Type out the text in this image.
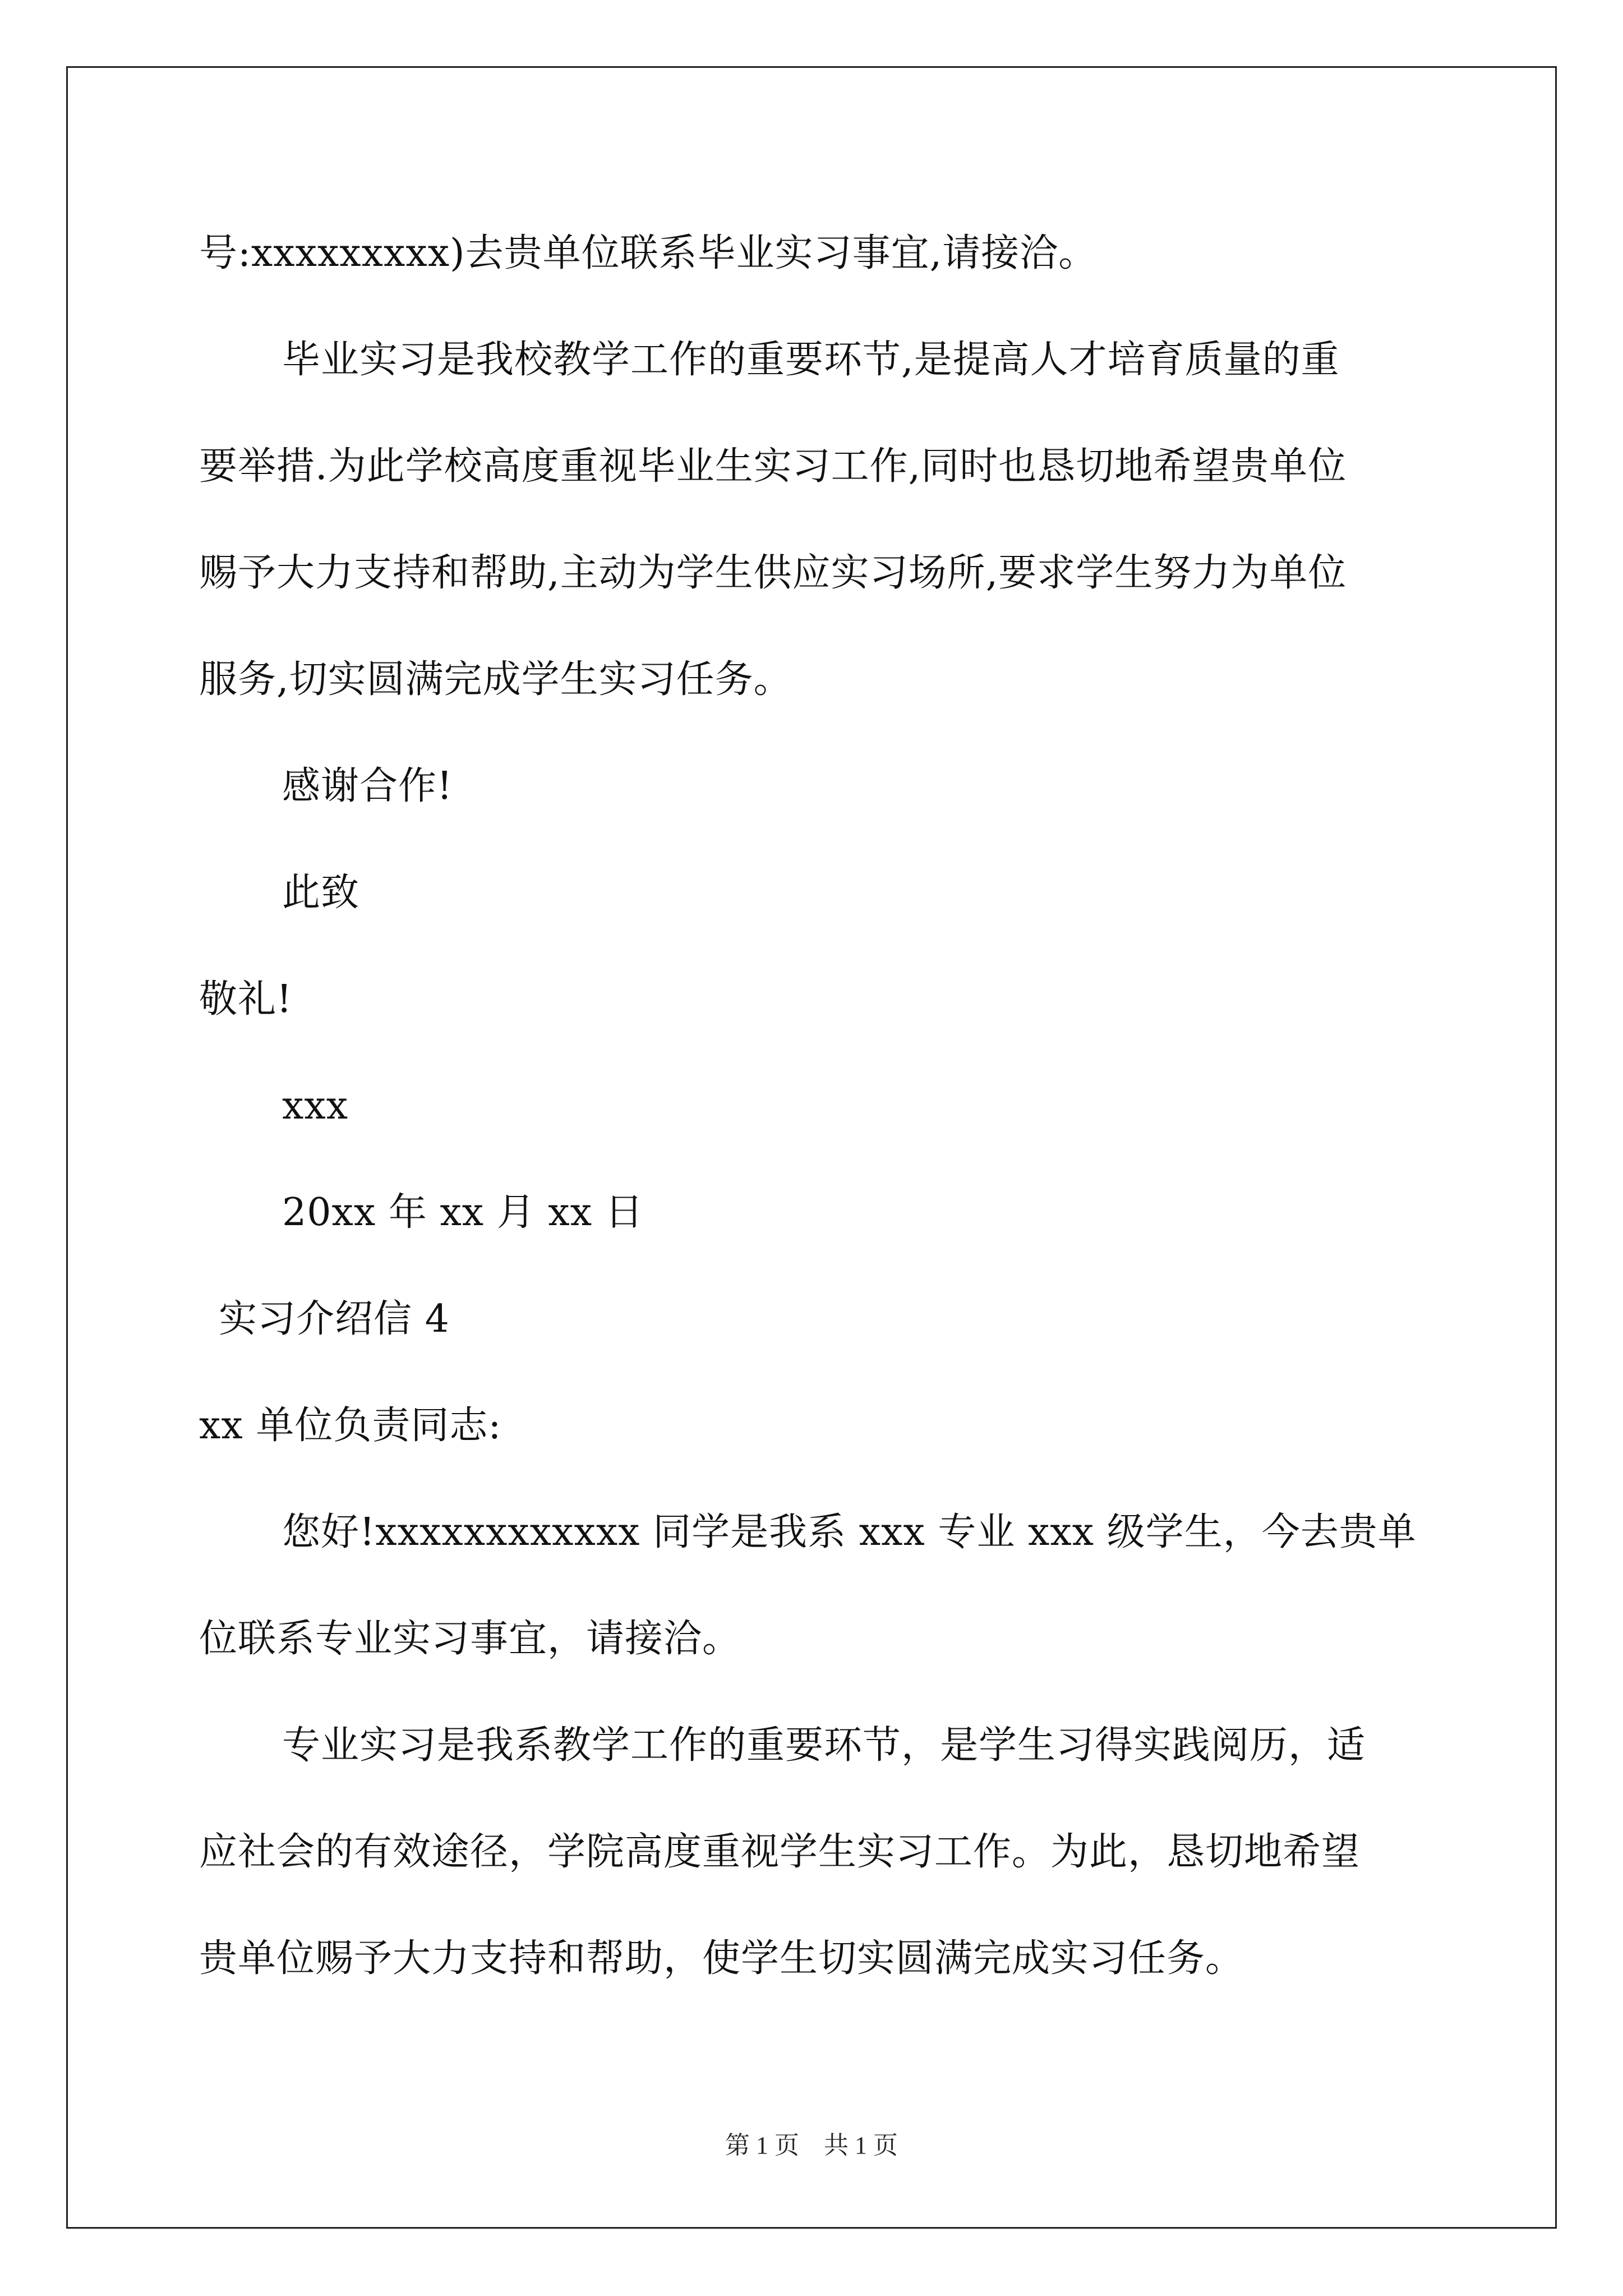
号:xxxxxxxxx)去贵单位联系毕业实习事宜,请接洽。
毕业实习是我校教学工作的重要环节,是提高人才培育质量的重
要举措.为此学校高度重视毕业生实习工作,同时也恳切地希望贵单位
赐予大力支持和帮助,主动为学生供应实习场所,要求学生努力为单位
服务,切实圆满完成学生实习任务。
感谢合作!
此致
敬礼!
xxx
20xx 年 xx 月 xx 日
实习介绍信 4
xx 单位负责同志:
您好!xxxxxxxxxxxx 同学是我系 xxx 专业 xxx 级学生，今去贵单
位联系专业实习事宜，请接洽。
专业实习是我系教学工作的重要环节，是学生习得实践阅历，适
应社会的有效途径，学院高度重视学生实习工作。为此，恳切地希望
贵单位赐予大力支持和帮助，使学生切实圆满完成实习任务。
第 1 页　共 1 页
